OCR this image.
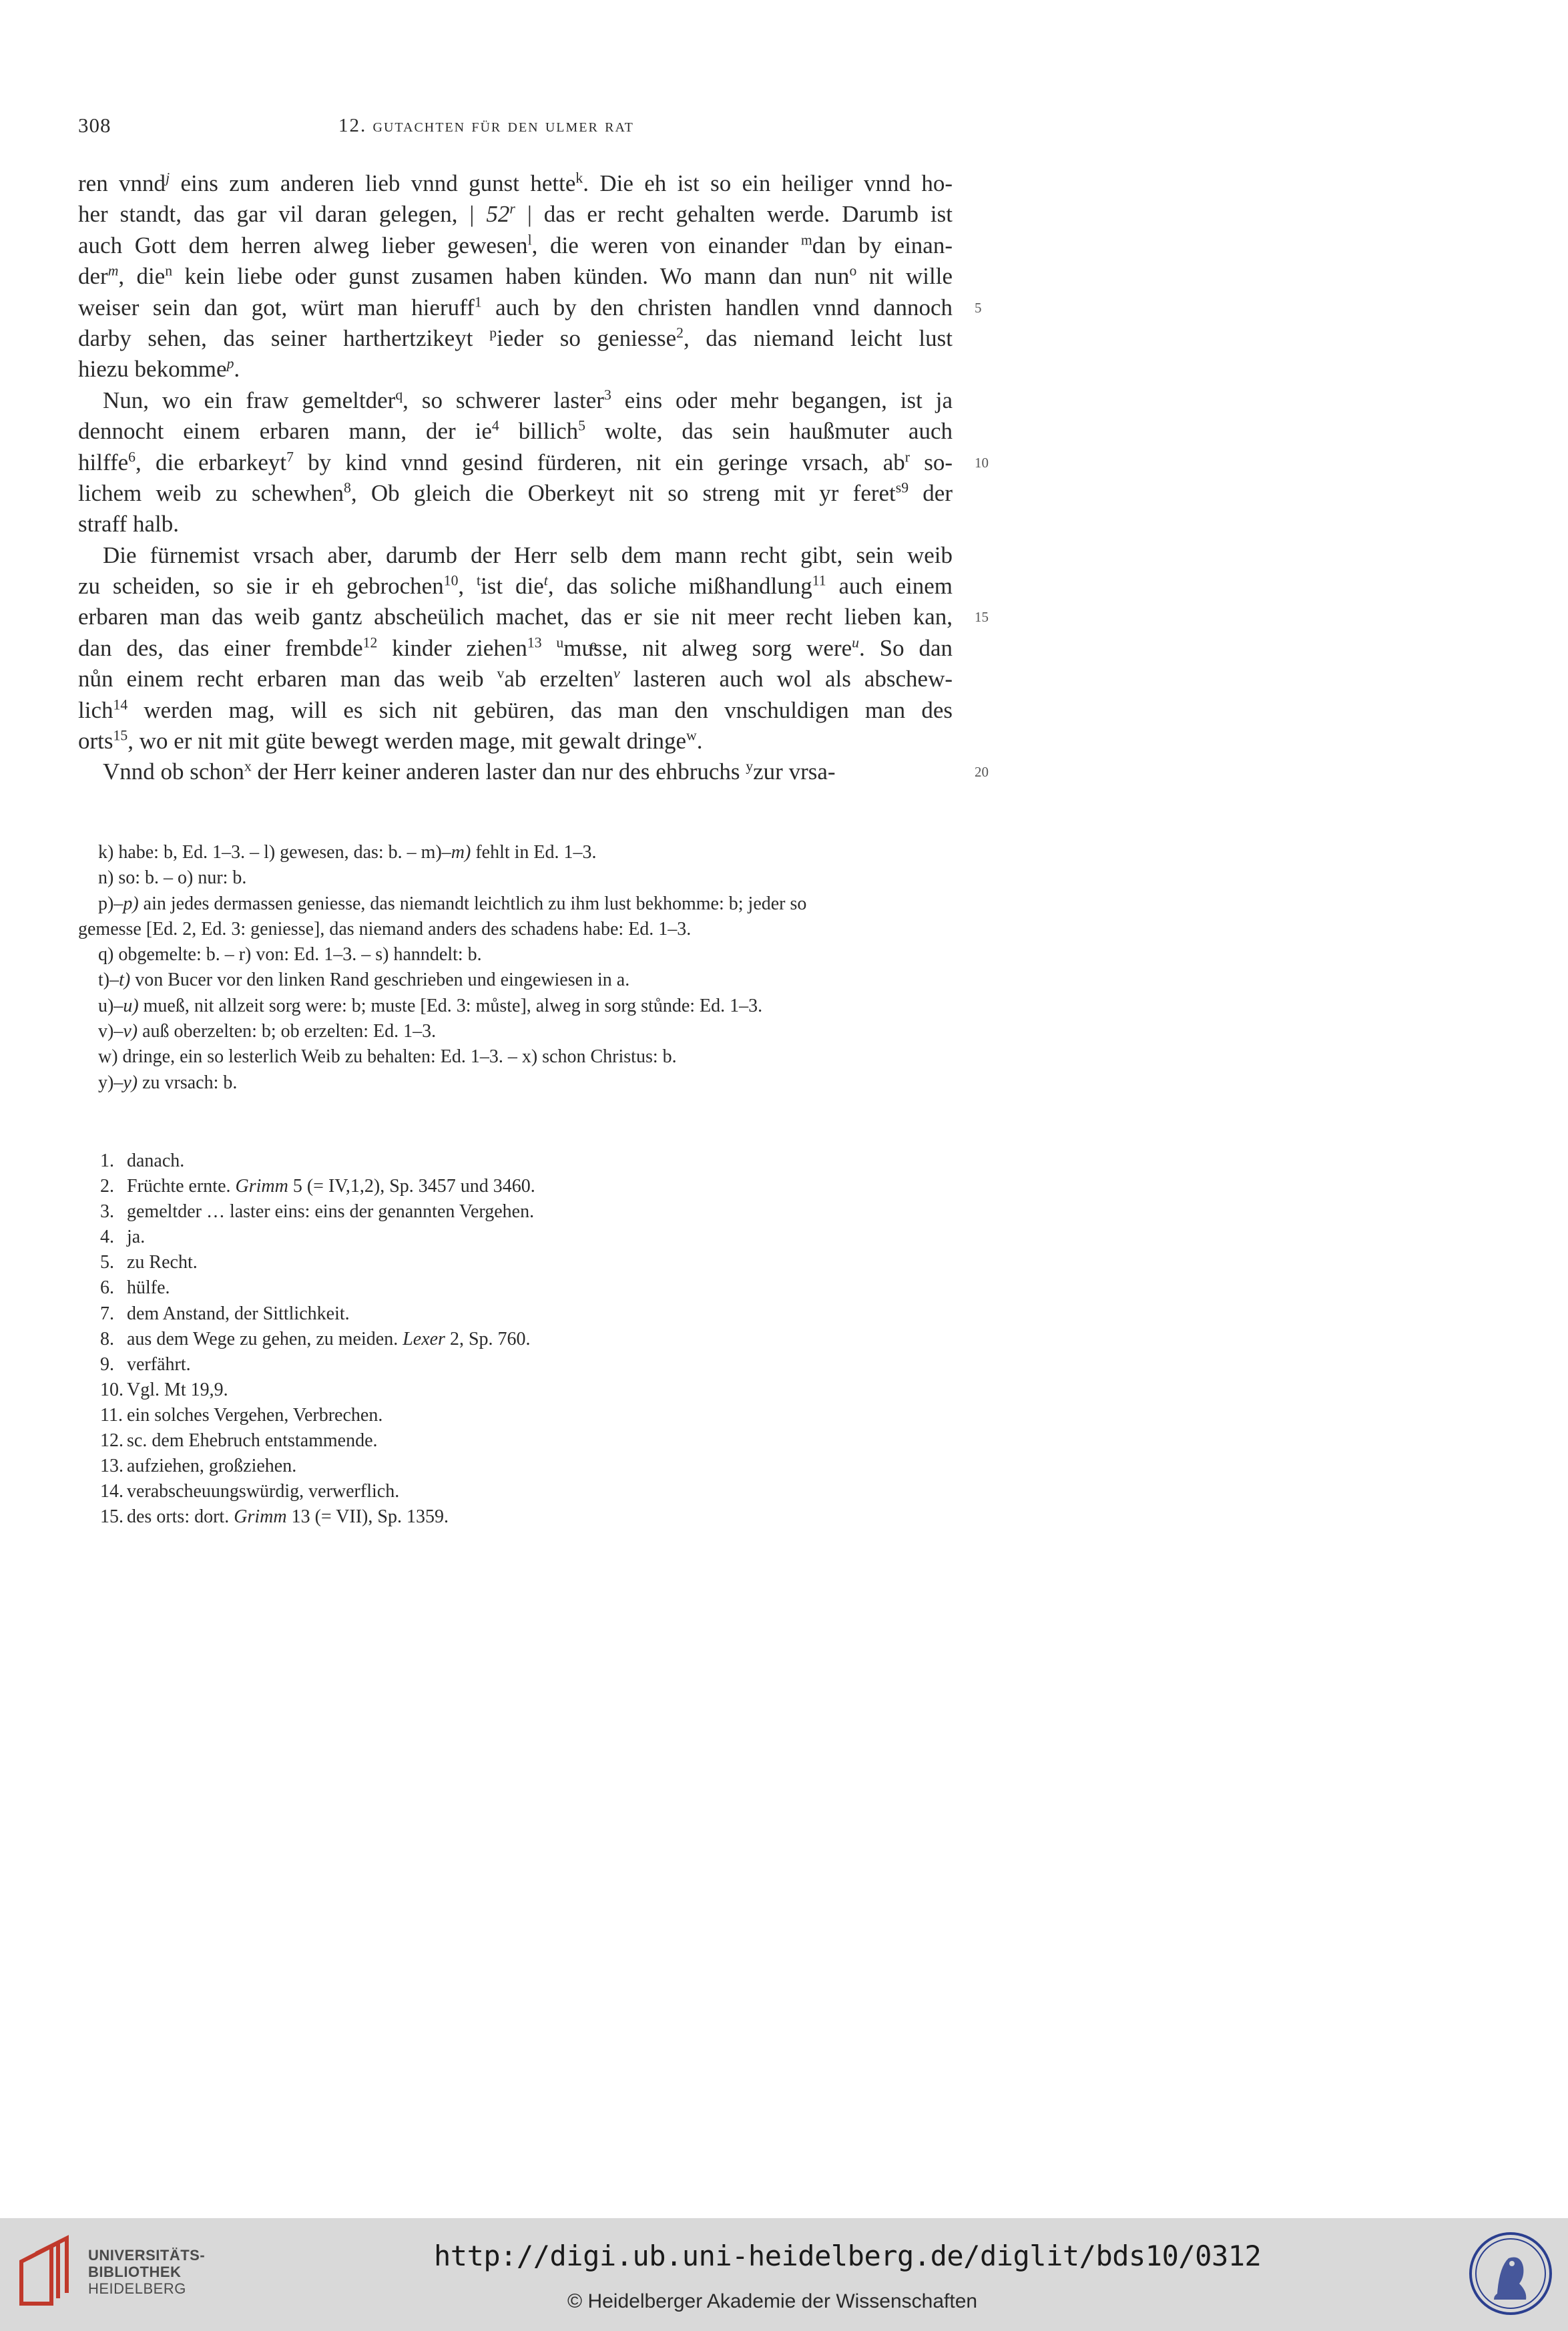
308	12. gutachten für den ulmer rat
ren vnnd$^j$ eins zum anderen lieb vnnd gunst hette$^k$. Die eh ist so ein heiliger vnnd ho-
her standt, das gar vil daran gelegen, | 52$^r$ | das er recht gehalten werde. Darumb ist
auch Gott dem herren alweg lieber gewesen$^l$, die weren von einander $^m$dan by einan-
der$^m$, die$^n$ kein liebe oder gunst zusamen haben künden. Wo mann dan nun$^o$ nit wille
weiser sein dan got, würt man hieruff$^1$ auch by den christen handlen vnnd dannoch 5
darby sehen, das seiner harthertzikeyt $^p$ieder so geniesse$^2$, das niemand leicht lust
hiezu bekomme$^p$.
Nun, wo ein fraw gemeltder$^q$, so schwerer laster$^3$ eins oder mehr begangen, ist ja
dennocht einem erbaren mann, der $ie^4$ billich$^5$ wolte, das sein haußmuter auch
hilffe$^6$, die erbarkeyt$^7$ by kind vnnd gesind fürderen, nit ein geringe vrsach, $ab^r$ so- 10
lichem weib zu schewhen$^8$, Ob gleich die Oberkeyt nit so streng mit yr feret$^{s9}$ der
straff halb.
Die fürnemist vrsach aber, darumb der Herr selb dem mann recht gibt, sein weib
zu scheiden, so sie ir eh gebrochen$^{10}$, $^t$ist die$^t$, das soliche mißhandlung$^{11}$ auch einem
erbaren man das weib gantz abscheülich machet, das er sie nit meer recht lieben kan, 15
dan des, das einer frembde$^{12}$ kinder ziehen$^{13}$ $^u$mu​ͤsse, nit alweg sorg were$^u$. So dan
nůn einem recht erbaren man das weib $^v$ab erzelten$^v$ lasteren auch wol als abschew-
lich$^{14}$ werden mag, will es sich nit gebüren, das man den vnschuldigen man des
orts$^{15}$, wo er nit mit güte bewegt werden mage, mit gewalt dringe$^w$.
Vnnd ob schon$^x$ der Herr keiner anderen laster dan nur des ehbruchs $^y$zur vrsa-	20
k) habe: b, Ed. 1–3. – l) gewesen, das: b. – m)–m) fehlt in Ed. 1–3.
n) so: b. – o) nur: b.
p)–p) ain jedes dermassen geniesse, das niemandt leichtlich zu ihm lust bekhomme: b; jeder so
gemesse [Ed. 2, Ed. 3: geniesse], das niemand anders des schadens habe: Ed. 1–3.
q) obgemelte: b. – r) von: Ed. 1–3. – s) hanndelt: b.
t)–t) von Bucer vor den linken Rand geschrieben und eingewiesen in a.
u)–u) mueß, nit allzeit sorg were: b; muste [Ed. 3: můste], alweg in sorg stůnde: Ed. 1–3.
v)–v) auß oberzelten: b; ob erzelten: Ed. 1–3.
w) dringe, ein so lesterlich Weib zu behalten: Ed. 1–3. – x) schon Christus: b.
y)–y) zu vrsach: b.
1. danach.
2. Früchte ernte. Grimm 5 (= IV,1,2), Sp. 3457 und 3460.
3. gemeltder … laster eins: eins der genannten Vergehen.
4. ja.
5. zu Recht.
6. hülfe.
7. dem Anstand, der Sittlichkeit.
8. aus dem Wege zu gehen, zu meiden. Lexer 2, Sp. 760.
9. verfährt.
10. Vgl. Mt 19,9.
11. ein solches Vergehen, Verbrechen.
12. sc. dem Ehebruch entstammende.
13. aufziehen, großziehen.
14. verabscheuungswürdig, verwerflich.
15. des orts: dort. Grimm 13 (= VII), Sp. 1359.
UNIVERSITÄTS-
BIBLIOTHEK
HEIDELBERG
http://digi.ub.uni-heidelberg.de/diglit/bds10/0312
© Heidelberger Akademie der Wissenschaften
